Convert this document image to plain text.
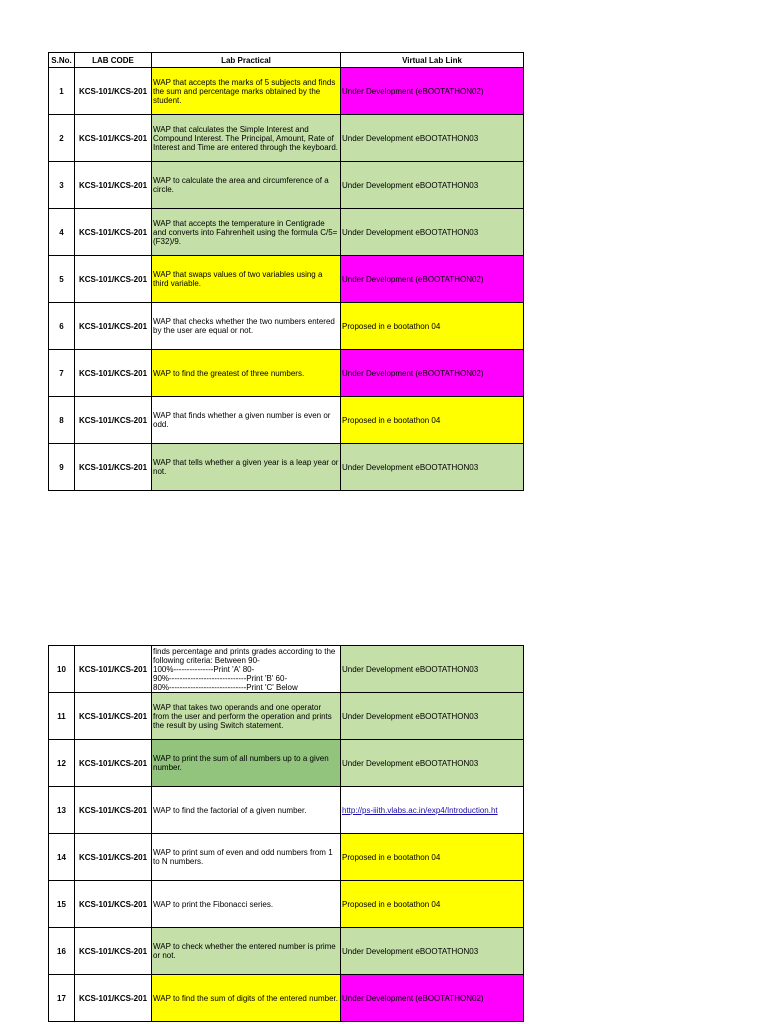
S.No.	LAB CODE	Lab Practical	Virtual Lab Link
1	KCS-101/KCS-201	WAP that accepts the marks of 5 subjects and finds the sum and percentage marks obtained by the student.	Under Development (eBOOTATHON02)
2	KCS-101/KCS-201	WAP that calculates the Simple Interest and Compound Interest. The Principal, Amount, Rate of Interest and Time are entered through the keyboard.	Under Development eBOOTATHON03
3	KCS-101/KCS-201	WAP to calculate the area and circumference of a circle.	Under Development eBOOTATHON03
4	KCS-101/KCS-201	WAP that accepts the temperature in Centigrade and converts into Fahrenheit using the formula C/5=(F32)/9.	Under Development eBOOTATHON03
5	KCS-101/KCS-201	WAP that swaps values of two variables using a third variable.	Under Development (eBOOTATHON02)
6	KCS-101/KCS-201	WAP that checks whether the two numbers entered by the user are equal or not.	Proposed in e bootathon 04
7	KCS-101/KCS-201	WAP to find the greatest of three numbers.	Under Development (eBOOTATHON02)
8	KCS-101/KCS-201	WAP that finds whether a given number is even or odd.	Proposed in e bootathon 04
9	KCS-101/KCS-201	WAP that tells whether a given year is a leap year or not.	Under Development eBOOTATHON03
10	KCS-101/KCS-201	finds percentage and prints grades according to the following criteria: Between 90-
100%---------------Print 'A' 80-
90%-----------------------------Print 'B' 60-
80%-----------------------------Print 'C' Below	Under Development eBOOTATHON03
11	KCS-101/KCS-201	WAP that takes two operands and one operator from the user and perform the operation and prints the result by using Switch statement.	Under Development eBOOTATHON03
12	KCS-101/KCS-201	WAP to print the sum of all numbers up to a given number.	Under Development eBOOTATHON03
13	KCS-101/KCS-201	WAP to find the factorial of a given number.	http://ps-iiith.vlabs.ac.in/exp4/Introduction.ht
14	KCS-101/KCS-201	WAP to print sum of even and odd numbers from 1 to N numbers.	Proposed in e bootathon 04
15	KCS-101/KCS-201	WAP to print the Fibonacci series.	Proposed in e bootathon 04
16	KCS-101/KCS-201	WAP to check whether the entered number is prime or not.	Under Development eBOOTATHON03
17	KCS-101/KCS-201	WAP to find the sum of digits of the entered number.	Under Development (eBOOTATHON02)
